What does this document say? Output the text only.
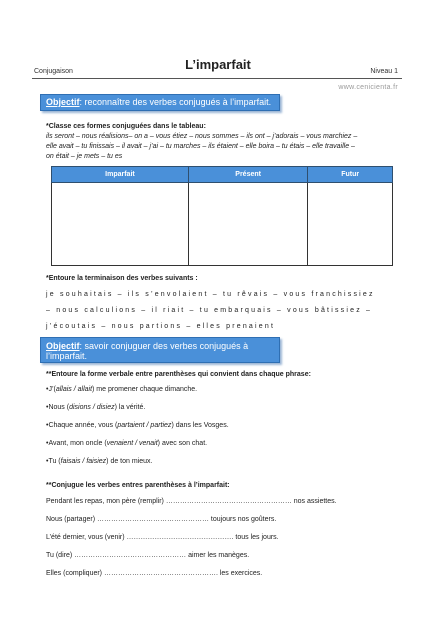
Conjugaison	L’imparfait	Niveau 1
www.cenicienta.fr
Objectif: reconnaître des verbes conjugués à l’imparfait.
*Classe ces formes conjuguées dans le tableau:
ils seront – nous réalisions– on a – vous étiez – nous sommes – ils ont – j’adorais – vous marchiez –
elle avait – tu finissais – il avait – j’ai – tu marches – ils étaient – elle boira – tu étais – elle travaille –
on était – je mets – tu es
Imparfait	Présent	Futur

*Entoure la terminaison des verbes suivants :
je souhaitais – ils s’envolaient – tu rêvais – vous franchissiez
– nous calculions – il riait – tu embarquais – vous bâtissiez –
j’écoutais – nous partions – elles prenaient
Objectif: savoir conjuguer des verbes conjugués à
l’imparfait.
**Entoure la forme verbale entre parenthèses qui convient dans chaque phrase:
•J’(allais / allait) me promener chaque dimanche.
•Nous (disions / disiez) la vérité.
•Chaque année, vous (partaient / partiez) dans les Vosges.
•Avant, mon oncle (venaient / venait) avec son chat.
•Tu (faisais / faisiez) de ton mieux.
**Conjugue les verbes entres parenthèses à l’imparfait:
Pendant les repas, mon père (remplir) ……………………………………………… nos assiettes.
Nous (partager) ………………………………………… toujours nos goûters.
L’été dernier, vous (venir) ………………………………………. tous les jours.
Tu (dire) ………………………………………… aimer les manèges.
Elles (compliquer) …………………………………………. les exercices.
